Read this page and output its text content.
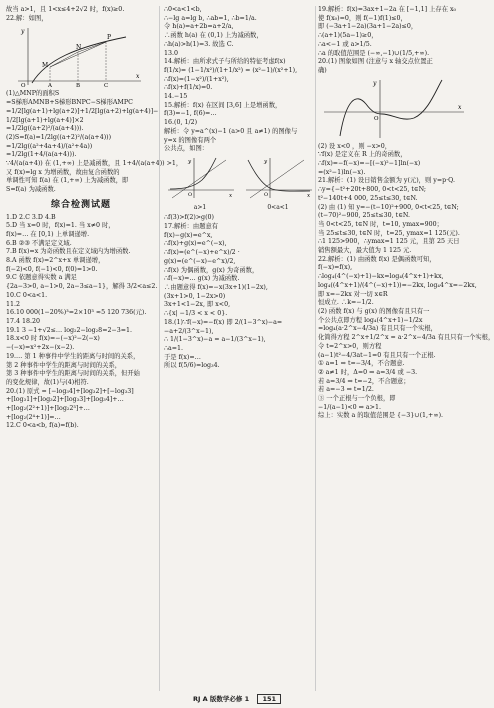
故当 a>1，且 1<x≤4+2√2 时，f(x)≥0.
22.解：如图，
y
M
N
P
A	B	C
O
x
(1)△MNP的面积S
=S梯形AMNB+S梯形BNPC−S梯形AMPC
=1/2[lg(a+1)+lg(a+2)]+1/2[lg(a+2)+lg(a+4)]−
1/2[lg(a+1)+lg(a+4)]×2
=1/2lg((a+2)²/(a(a+4))).
(2)S=f(a)=1/2lg((a+2)²/(a(a+4)))
=1/2lg((a²+4a+4)/(a²+4a))
=1/2lg(1+4/(a(a+4))).
∵4/(a(a+4)) 在 (1,+∞) 上是减函数，且 1+4/(a(a+4)) >1，
又 f(x)=lg x 为增函数，故由复合函数的
单调性可知 f(a) 在 (1,+∞) 上为减函数，即
S=f(a) 为减函数.
综合检测试题
1.D 2.C 3.D 4.B
5.D 当 x=0 时，f(x)=1. 当 x≠0 时，
f(x)=… 在 [0,1) 上单调递增.
6.B ②③ 不满足定义域.
7.B f(x)=x 为奇函数且在定义域内为增函数.
8.A 函数 f(x)=2^x+x 单调递增，
f(−2)<0, f(−1)<0, f(0)=1>0.
9.C 依题意得实数 a 满足
{2a−3>0, a−1>0, 2a−3≤a−1}，解得 3/2<a≤2.
10.C 0<a<1.
11.2
16.10 000(1−20%)³=2×10³ ≈5 120 736(元).
17.4 18.20
19.1 3 −1+√2≤… log₂2−log₂8=2−3=1.
18.x<0 时 f(x)=−(−x)²−2(−x)
−(−x)=x²+2x−(x−2).
19.… 第 1 种事件中学生的距离与时间的关系，
第 2 种事件中学生的距离与时间的关系，
第 3 种事件中学生的距离与时间的关系，但开始
的变化规律，故(1)与(4)相符.
20.(1) 原式 = [−log₃4]+[log₃2]+[−log₃3]
+[log₃1]+[log₃2]+[log₃3]+[log₃4]+…
+[log₂(2²+1)]+[log₂2³]+…
+[log₂(2⁴+1)]=…
12.C 0<a<b, f(a)=f(b).
∴0<a<1<b,
∴−lg a=lg b, ∴ab=1, ∴b=1/a.
令 h(a)=a+2b=a+2/a,
∴函数 h(a) 在 (0,1) 上为减函数，
∴h(a)>h(1)=3. 故选 C.
13.0
14.解析：由所求式子与所给的特征考虑f(x)
f(1/x)= (1−1/x²)/(1+1/x²) = (x²−1)/(x²+1),
∴f(x)=(1−x²)/(1+x²),
∴f(x)+f(1/x)=0.
14.−15
15.解析：f(x) 在区间 [3,6] 上是增函数，
f(3)=−1, f(6)=…
16.(0, 1/2)
解析：令 y=a^(x)−1 (a>0 且 a≠1) 的图像与
y=x 的图像有两个
公共点，如图：
y
O	x
a>1
y
O	x
0<a<1
∴f(3)>f(2)>g(0)
17.解析：由题意有
f(x)−g(x)=e^x,
∴f(x)+g(x)=e^(−x),
∴f(x)=(e^(−x)+e^x)/2 ·
g(x)=(e^(−x)−e^x)/2,
∴f(x) 为偶函数，g(x) 为奇函数，
∴f(−x)=… g(x) 为减函数.
∴由题意得 f(x)=−x(3x+1)(1−2x),
(3x+1>0, 1−2x>0)
3x+1<1−2x, 即 x<0,
∴{x| −1/3 < x < 0}.
18.(1)∵f(−x)=−f(x) 即 2/(1−3^x)−a=
−a+2/(3^x−1),
∴ 1/(1−3^x)−a = a−1/(3^x−1),
∴a=1.
于是 f(x)=…
所以 f(5/6)=log₃4.
19.解析：f(x)=3ax+1−2a 在 [−1,1] 上存在 x₀
使 f(x₀)=0，则 f(−1)f(1)≤0，
即 (−3a+1−2a)(3a+1−2a)≤0，
∴(a+1)(5a−1)≥0，
∴a<−1 或 a>1/5.
∴a 的取值范围是 (−∞,−1)∪(1/5,+∞).
20.(1) 图象如图 (注意与 x 轴交点位置正
确)
y
O
x
(2) 设 x<0 ，则 −x>0，
∵f(x) 是定义在 R 上的奇函数，
∴f(x)=−f(−x)=−[(−x)²−1]ln(−x)
=(x²−1)ln(−x).
21.解析：(1) 设日销售金额为 y(元)，则 y=p·Q.
∴y={−t²+20t+800, 0<t<25, t∈N;
t²−140t+4 000, 25≤t≤30, t∈N.
(2) 由 (1) 知 y=−(t−10)²+900, 0<t<25, t∈N;
(t−70)²−900, 25≤t≤30, t∈N.
当 0<t<25, t∈N 时，t=10, ymax=900；
当 25≤t≤30, t∈N 时，t=25, ymax=1 125(元).
∴1 125>900，∴ymax=1 125 元，且第 25 天日
销售额最大，最大值为 1 125 元.
22.解析：(1) 由函数 f(x) 是偶函数可知，
f(−x)=f(x),
∴log₄(4^(−x)+1)−kx=log₄(4^x+1)+kx,
log₄((4^x+1)/(4^(−x)+1))=−2kx, log₄4^x=−2kx,
即 x=−2kx 对一切 x∈R
恒成立. ∴k=−1/2.
(2) 函数 f(x) 与 g(x) 的图像有且只有一
个公共点即方程 log₄(4^x+1)−1/2x
=log₄(a·2^x−4/3a) 有且只有一个实根，
化简得方程 2^x+1/2^x = a·2^x−4/3a 有且只有一个实根，
令 t=2^x>0，则方程
(a−1)t²−4/3at−1=0 有且只有一个正根.
① a=1 ⇒ t=−3/4，不合题意.
② a≠1 时，Δ=0 ⇒ a=3/4 或 −3.
若 a=3/4 ⇒ t=−2，不合题意；
若 a=−3 ⇒ t=1/2.
③ 一个正根与一个负根，即
−1/(a−1)<0 ⇒ a>1.
综上：实数 a 的取值范围是 {−3}∪(1,+∞).
RJ A 版数学必修 1 151
